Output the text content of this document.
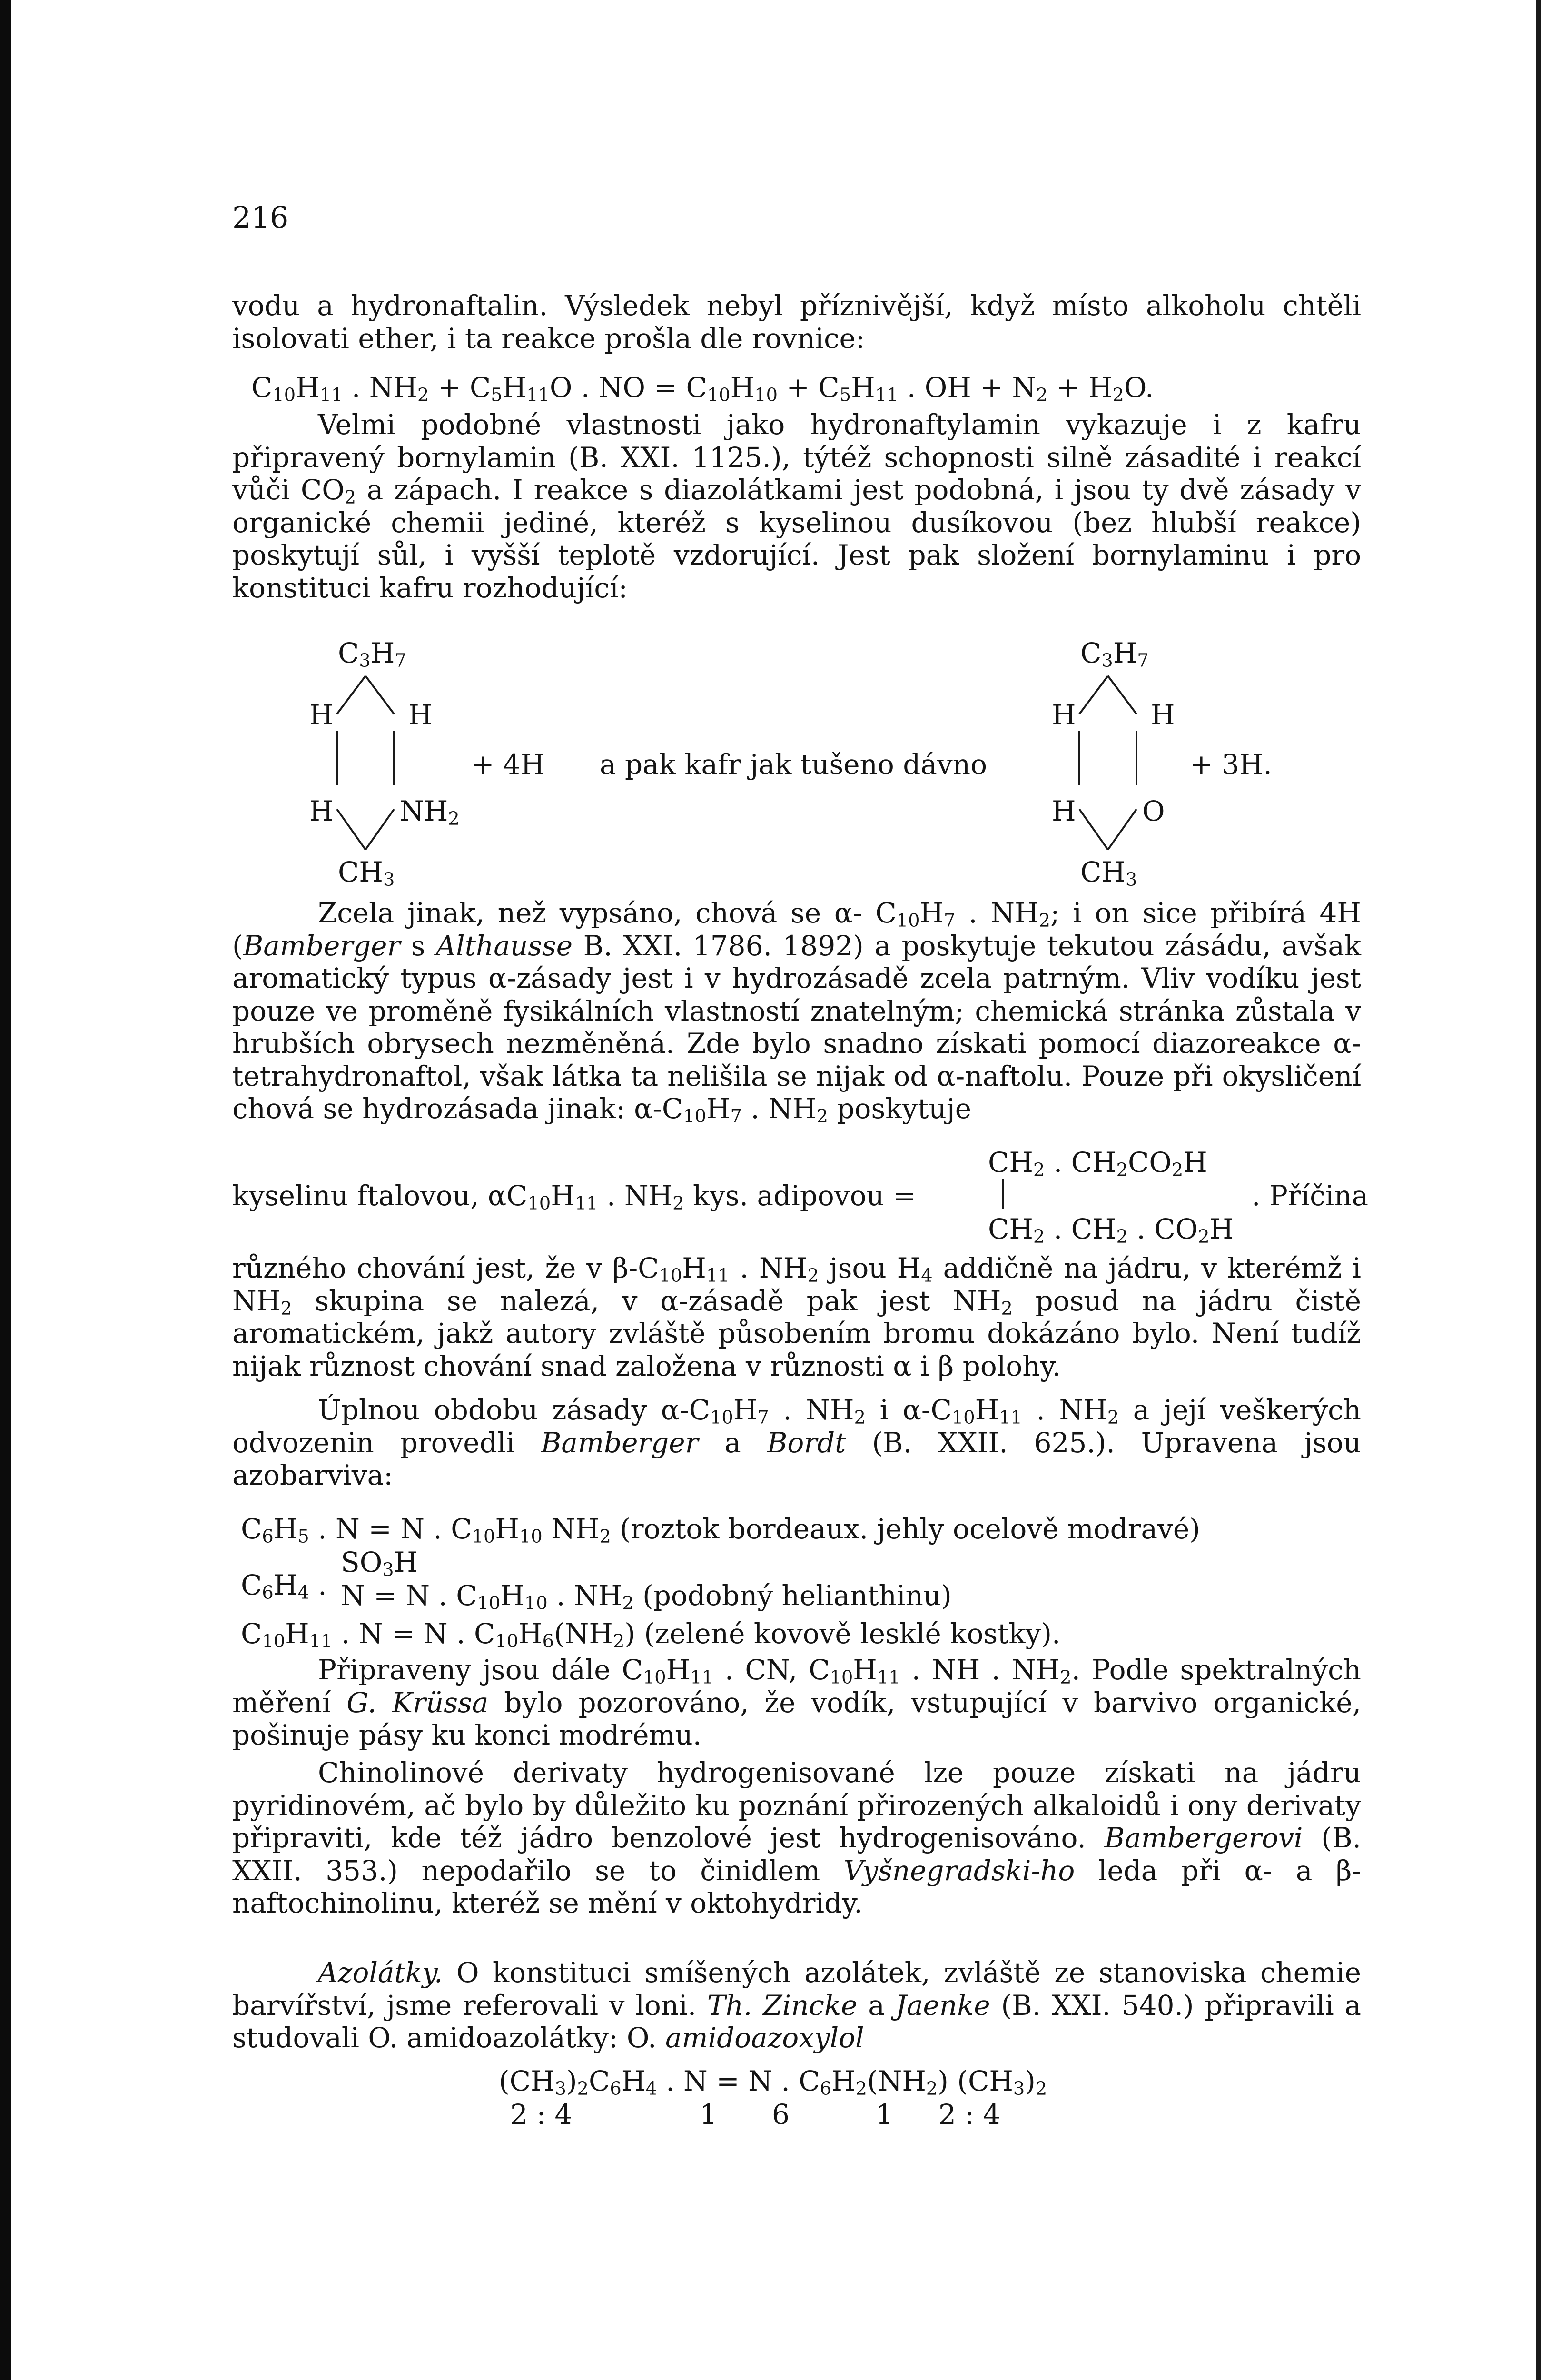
216

vodu a hydronaftalin. Výsledek nebyl příznivější, když místo alkoholu chtěli isolovati ether, i ta reakce prošla dle rovnice:

$C_{10}H_{11}$ . $NH_2 + C_5H_{11}O$ . NO = $C_{10}H_{10} + C_5H_{11}$ . OH + $N_2 + H_2O$.

Velmi podobné vlastnosti jako hydronaftylamin vykazuje i z kafru připravený bornylamin (B. XXI. 1125.), týtéž schopnosti silně zásadité i reakcí vůči $CO_2$ a zápach. I reakce s diazolátkami jest podobná, i jsou ty dvě zásady v organické chemii jediné, kteréž s kyselinou dusíkovou (bez hlubší reakce) poskytují sůl, i vyšší teplotě vzdorující. Jest pak složení bornylaminu i pro konstituci kafru rozhodující:

$C_3H_7$
H	H
H $NH_2$
$CH_3$
+ 4H a pak kafr jak tušeno dávno
$C_3H_7$
H	H
H O
$CH_3$
+ 3H.

Zcela jinak, než vypsáno, chová se α- $C_{10}H_7$ . $NH_2$; i on sice přibírá 4H (Bamberger s Althausse B. XXI. 1786. 1892) a poskytuje tekutou zásádu, avšak aromatický typus α-zásady jest i v hydrozásadě zcela patrným. Vliv vodíku jest pouze ve proměně fysikálních vlastností znatelným; chemická stránka zůstala v hrubších obrysech nezměněná. Zde bylo snadno získati pomocí diazoreakce α-tetrahydronaftol, však látka ta nelišila se nijak od α-naftolu. Pouze při okysličení chová se hydrozásada jinak: $\alpha-C_{10}H_7$ . $NH_2$ poskytuje

$CH_2$ . $CH_2CO_2H$
kyselinu ftalovou, $\alpha C_{10}H_{11}$ . $NH_2$ kys. adipovou =	. Příčina
$CH_2$ . $CH_2$ . $CO_2H$

různého chování jest, že v $\beta-C_{10}H_{11}$ . $NH_2$ jsou $H_4$ addičně na jádru, v kterémž i $NH_2$ skupina se nalezá, v α-zásadě pak jest $NH_2$ posud na jádru čistě aromatickém, jakž autory zvláště působením bromu dokázáno bylo. Není tudíž nijak různost chování snad založena v různosti α i β polohy.

Úplnou obdobu zásady $\alpha-C_{10}H_7$ . $NH_2$ i $\alpha-C_{10}H_{11}$ . $NH_2$ a její veškerých odvozenin provedli Bamberger a Bordt (B. XXII. 625.). Upravena jsou azobarviva:

$C_6H_5$ . N = N . $C_{10}H_{10}$ $NH_2$ (roztok bordeaux. jehly ocelově modravé)
$C_6H_4$ .
$SO_3H$
N = N . $C_{10}H_{10}$ . $NH_2$ (podobný helianthinu)
$C_{10}H_{11}$ . N = N . $C_{10}H_6(NH_2)$ (zelené kovově lesklé kostky).

Připraveny jsou dále $C_{10}H_{11}$ . CN, $C_{10}H_{11}$ . NH . $NH_2$. Podle spektralných měření G. Krüssa bylo pozorováno, že vodík, vstupující v barvivo organické, pošinuje pásy ku konci modrému.

Chinolinové derivaty hydrogenisované lze pouze získati na jádru pyridinovém, ač bylo by důležito ku poznání přirozených alkaloidů i ony derivaty připraviti, kde též jádro benzolové jest hydrogenisováno. Bambergerovi (B. XXII. 353.) nepodařilo se to činidlem Vyšnegradski-ho leda při α- a β-naftochinolinu, kteréž se mění v oktohydridy.

Azolátky. O konstituci smíšených azolátek, zvláště ze stanoviska chemie barvířství, jsme referovali v loni. Th. Zincke a Jaenke (B. XXI. 540.) připravili a studovali O. amidoazolátky: O. amidoazoxylol

$(CH_3)_2C_6H_4$ . N = N . $C_6H_2(NH_2)$ $(CH_3)_2$
2 : 4	1 6	1 2 : 4
